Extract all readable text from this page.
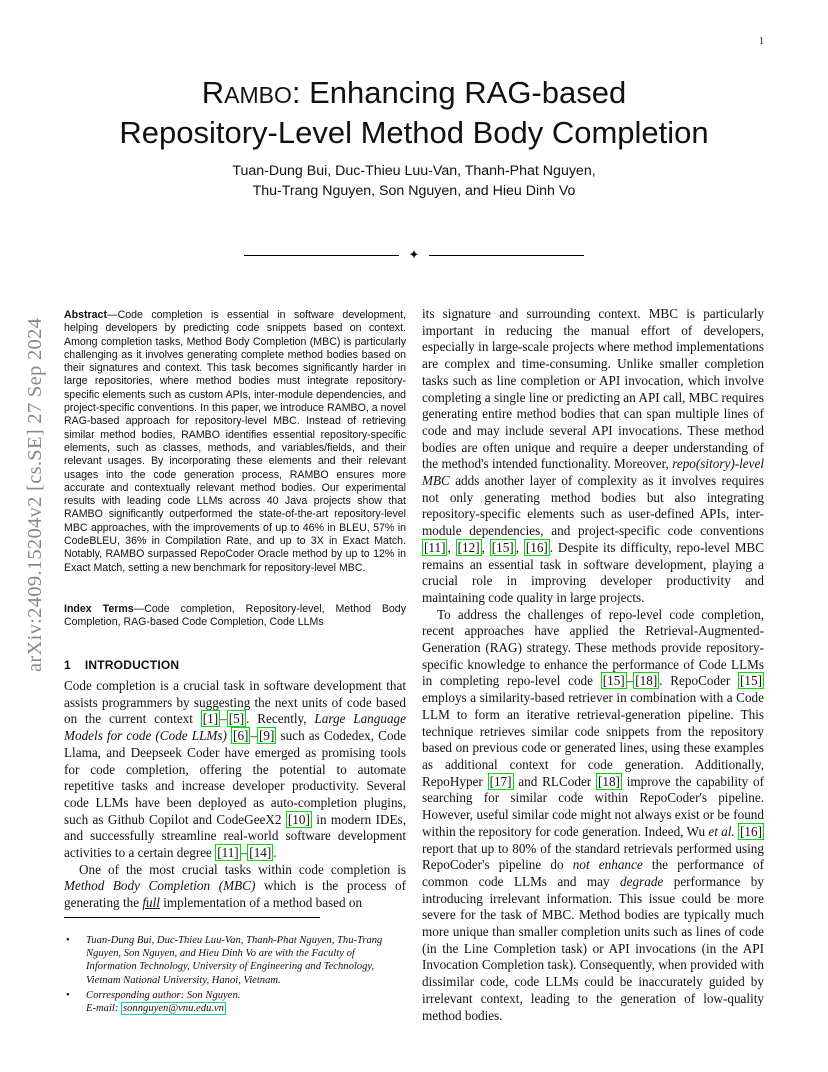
1
arXiv:2409.15204v2 [cs.SE] 27 Sep 2024
RAMBO: Enhancing RAG-based
Repository-Level Method Body Completion
Tuan-Dung Bui, Duc-Thieu Luu-Van, Thanh-Phat Nguyen,
Thu-Trang Nguyen, Son Nguyen, and Hieu Dinh Vo
✦
Abstract—Code completion is essential in software development, helping developers by predicting code snippets based on context. Among completion tasks, Method Body Completion (MBC) is particularly challenging as it involves generating complete method bodies based on their signatures and context. This task becomes significantly harder in large repositories, where method bodies must integrate repository-specific elements such as custom APIs, inter-module dependencies, and project-specific conventions. In this paper, we introduce RAMBO, a novel RAG-based approach for repository-level MBC. Instead of retrieving similar method bodies, RAMBO identifies essential repository-specific elements, such as classes, methods, and variables/fields, and their relevant usages. By incorporating these elements and their relevant usages into the code generation process, RAMBO ensures more accurate and contextually relevant method bodies. Our experimental results with leading code LLMs across 40 Java projects show that RAMBO significantly outperformed the state-of-the-art repository-level MBC approaches, with the improvements of up to 46% in BLEU, 57% in CodeBLEU, 36% in Compilation Rate, and up to 3X in Exact Match. Notably, RAMBO surpassed RepoCoder Oracle method by up to 12% in Exact Match, setting a new benchmark for repository-level MBC.
Index Terms—Code completion, Repository-level, Method Body Completion, RAG-based Code Completion, Code LLMs
1 INTRODUCTION

Code completion is a crucial task in software development that assists programmers by suggesting the next units of code based on the current context [1] – [5] . Recently, Large Language Models for code (Code LLMs) [6] – [9] such as Codedex, Code Llama, and Deepseek Coder have emerged as promising tools for code completion, offering the potential to automate repetitive tasks and increase developer productivity. Several code LLMs have been deployed as auto-completion plugins, such as Github Copilot and CodeGeeX2 [10] in modern IDEs, and successfully streamline real-world software development activities to a certain degree [11] – [14] .

One of the most crucial tasks within code completion is Method Body Completion (MBC) which is the process of generating the full implementation of a method based on

its signature and surrounding context. MBC is particularly important in reducing the manual effort of developers, especially in large-scale projects where method implementations are complex and time-consuming. Unlike smaller completion tasks such as line completion or API invocation, which involve completing a single line or predicting an API call, MBC requires generating entire method bodies that can span multiple lines of code and may include several API invocations. These method bodies are often unique and require a deeper understanding of the method's intended functionality. Moreover, repo(sitory)-level MBC adds another layer of complexity as it involves requires not only generating method bodies but also integrating repository-specific elements such as user-defined APIs, inter-module dependencies, and project-specific code conventions [11] , [12] , [15] , [16] . Despite its difficulty, repo-level MBC remains an essential task in software development, playing a crucial role in improving developer productivity and maintaining code quality in large projects.

To address the challenges of repo-level code completion, recent approaches have applied the Retrieval-Augmented-Generation (RAG) strategy. These methods provide repository-specific knowledge to enhance the performance of Code LLMs in completing repo-level code [15] – [18] . RepoCoder [15] employs a similarity-based retriever in combination with a Code LLM to form an iterative retrieval-generation pipeline. This technique retrieves similar code snippets from the repository based on previous code or generated lines, using these examples as additional context for code generation. Additionally, RepoHyper [17] and RLCoder [18] improve the capability of searching for similar code within RepoCoder's pipeline. However, useful similar code might not always exist or be found within the repository for code generation. Indeed, Wu et al. [16] report that up to 80% of the standard retrievals performed using RepoCoder's pipeline do not enhance the performance of common code LLMs and may degrade performance by introducing irrelevant information. This issue could be more severe for the task of MBC. Method bodies are typically much more unique than smaller completion units such as lines of code (in the Line Completion task) or API invocations (in the API Invocation Completion task). Consequently, when provided with dissimilar code, code LLMs could be inaccurately guided by irrelevant context, leading to the generation of low-quality method bodies.

• Tuan-Dung Bui, Duc-Thieu Luu-Van, Thanh-Phat Nguyen, Thu-Trang Nguyen, Son Nguyen, and Hieu Dinh Vo are with the Faculty of Information Technology, University of Engineering and Technology, Vietnam National University, Hanoi, Vietnam.
• Corresponding author: Son Nguyen.
E-mail: sonnguyen@vnu.edu.vn
